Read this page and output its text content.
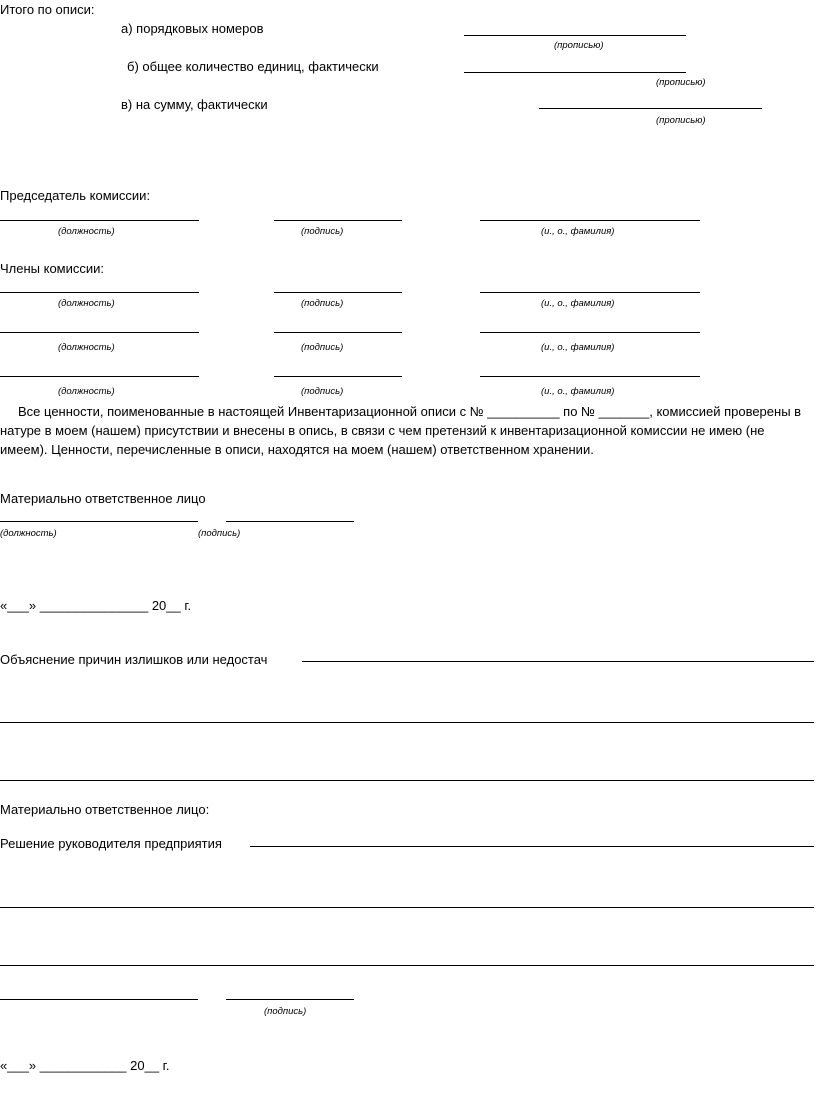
Итого по описи:
а) порядковых номеров
(прописью)
б) общее количество единиц, фактически
(прописью)
в) на сумму, фактически
(прописью)
Председатель комиссии:
(должность)	(подпись)	(и., о., фамилия)
Члены комиссии:
(должность)	(подпись)	(и., о., фамилия)
(должность)	(подпись)	(и., о., фамилия)
(должность)	(подпись)	(и., о., фамилия)
Все ценности, поименованные в настоящей Инвентаризационной описи с № __________ по № _______, комиссией проверены в натуре в моем (нашем) присутствии и внесены в опись, в связи с чем претензий к инвентаризационной комиссии не имею (не имеем). Ценности, перечисленные в описи, находятся на моем (нашем) ответственном хранении.
Материально ответственное лицо
(должность)	(подпись)
«___» _______________ 20__ г.
Объяснение причин излишков или недостач
Материально ответственное лицо:
Решение руководителя предприятия
(подпись)
«___» ____________ 20__ г.
